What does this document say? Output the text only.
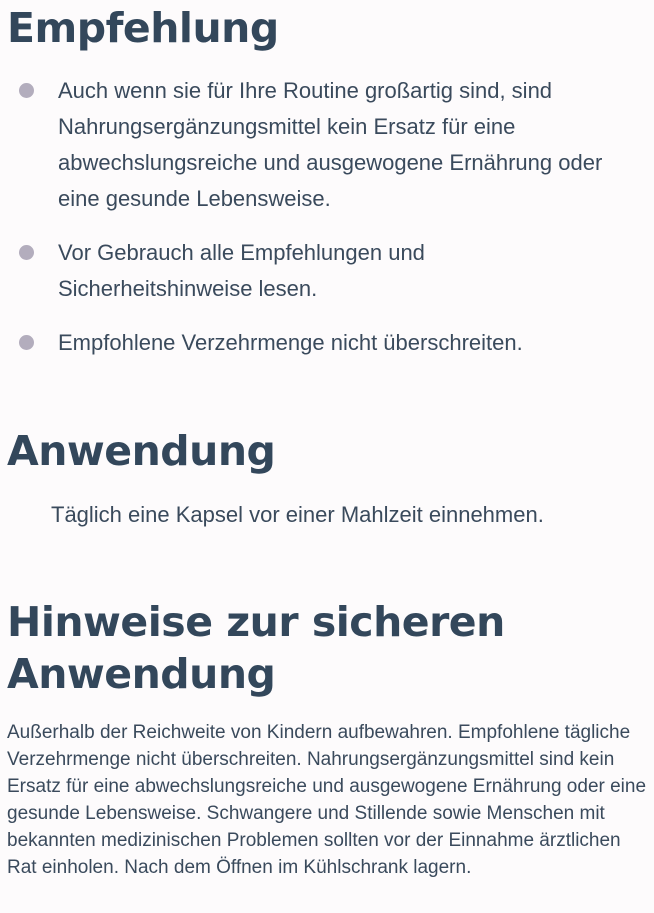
Empfehlung
Auch wenn sie für Ihre Routine großartig sind, sind Nahrungsergänzungsmittel kein Ersatz für eine abwechslungsreiche und ausgewogene Ernährung oder eine gesunde Lebensweise.
Vor Gebrauch alle Empfehlungen und Sicherheitshinweise lesen.
Empfohlene Verzehrmenge nicht überschreiten.
Anwendung

Täglich eine Kapsel vor einer Mahlzeit einnehmen.

Hinweise zur sicheren Anwendung

Außerhalb der Reichweite von Kindern aufbewahren. Empfohlene tägliche Verzehrmenge nicht überschreiten. Nahrungsergänzungsmittel sind kein Ersatz für eine abwechslungsreiche und ausgewogene Ernährung oder eine gesunde Lebensweise. Schwangere und Stillende sowie Menschen mit bekannten medizinischen Problemen sollten vor der Einnahme ärztlichen Rat einholen. Nach dem Öffnen im Kühlschrank lagern.
